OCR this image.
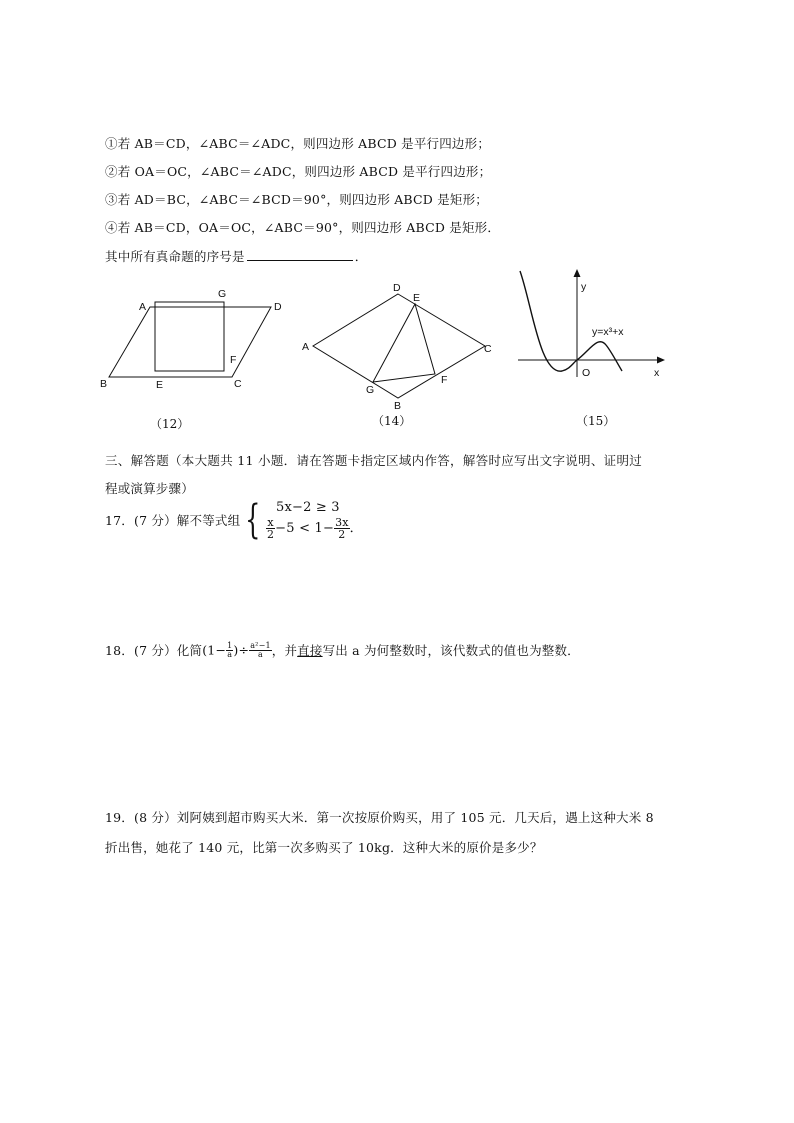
①若 AB＝CD，∠ABC＝∠ADC，则四边形 ABCD 是平行四边形；
②若 OA＝OC，∠ABC＝∠ADC，则四边形 ABCD 是平行四边形；
③若 AD＝BC，∠ABC＝∠BCD＝90°，则四边形 ABCD 是矩形；
④若 AB＝CD，OA＝OC，∠ABC＝90°，则四边形 ABCD 是矩形．
其中所有真命题的序号是	．
A
G
D
F
B	E	C
（12）
D
E
A	C
F
G
B
（14）
y
y=x³+x
O	x
（15）
三、解答题（本大题共 11 小题．请在答题卡指定区域内作答，解答时应写出文字说明、证明过
程或演算步骤）
17．(7 分）解不等式组 {	5x−2 ≥ 3
$\frac{x}{2} -5 < 1- \frac{3x}{2}$ ．
18．(7 分）化简($1- \frac{1}{a}$ )÷ $\frac{\text{a²−1}}{a}$ ，并直接写出 a 为何整数时，该代数式的值也为整数．
19．(8 分）刘阿姨到超市购买大米．第一次按原价购买，用了 105 元．几天后，遇上这种大米 8
折出售，她花了 140 元，比第一次多购买了 10kg．这种大米的原价是多少？
